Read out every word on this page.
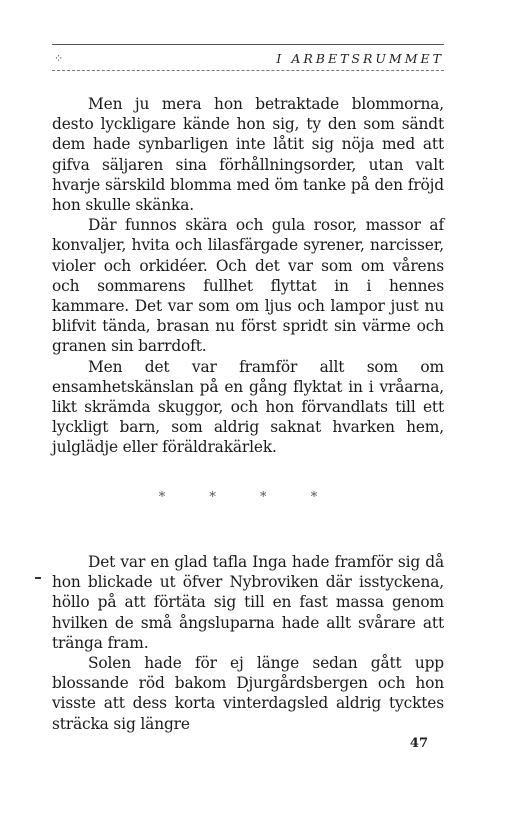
⁘	I ARBETSRUMMET

Men ju mera hon betraktade blommorna, desto lyckligare kände hon sig, ty den som sändt dem hade synbarligen inte låtit sig nöja med att gifva säljaren sina förhållningsorder, utan valt hvarje särskild blomma med öm tanke på den fröjd hon skulle skänka.

Där funnos skära och gula rosor, massor af konvaljer, hvita och lilasfärgade syrener, narcisser, violer och orkidéer. Och det var som om vårens och sommarens fullhet flyttat in i hennes kammare. Det var som om ljus och lampor just nu blifvit tända, brasan nu först spridt sin värme och granen sin barrdoft.

Men det var framför allt som om ensamhetskänslan på en gång flyktat in i vråarna, likt skrämda skuggor, och hon förvandlats till ett lyckligt barn, som aldrig saknat hvarken hem, julglädje eller föräldrakärlek.

* * * *

Det var en glad tafla Inga hade framför sig då hon blickade ut öfver Nybroviken där isstyckena, höllo på att förtäta sig till en fast massa genom hvilken de små ångsluparna hade allt svårare att tränga fram.

Solen hade för ej länge sedan gått upp blossande röd bakom Djurgårdsbergen och hon visste att dess korta vinterdagsled aldrig tycktes sträcka sig längre

47
